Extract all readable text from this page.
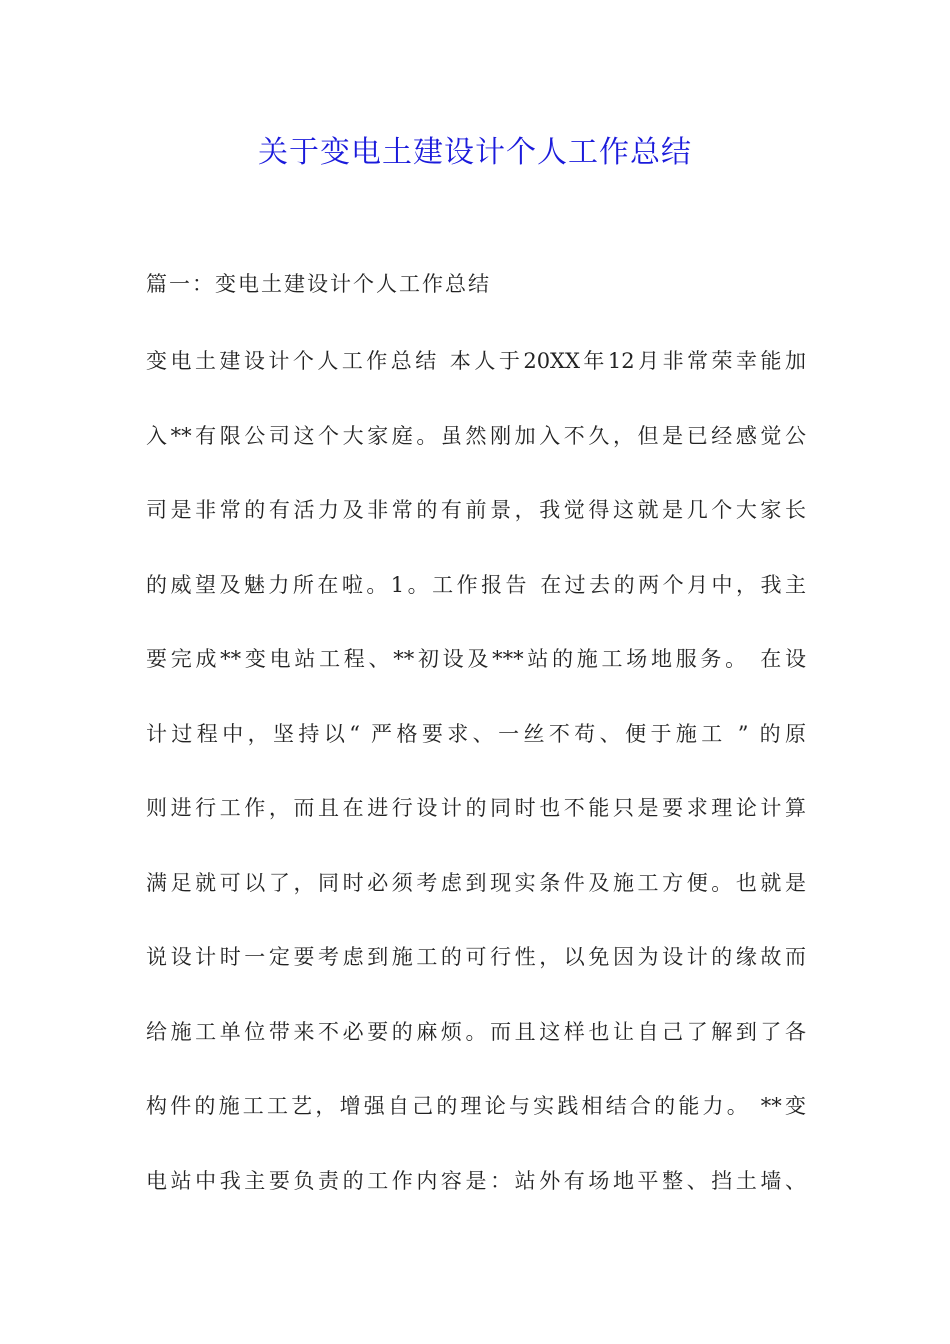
关于变电土建设计个人工作总结
篇一：变电土建设计个人工作总结
变电土建设计个人工作总结 本人于20XX年12月非常荣幸能加
入**有限公司这个大家庭。虽然刚加入不久，但是已经感觉公
司是非常的有活力及非常的有前景，我觉得这就是几个大家长
的威望及魅力所在啦。1。工作报告 在过去的两个月中，我主
要完成**变电站工程、**初设及***站的施工场地服务。 在设
计过程中，坚持以“ 严格要求、一丝不苟、便于施工 ” 的原
则进行工作，而且在进行设计的同时也不能只是要求理论计算
满足就可以了，同时必须考虑到现实条件及施工方便。也就是
说设计时一定要考虑到施工的可行性，以免因为设计的缘故而
给施工单位带来不必要的麻烦。而且这样也让自己了解到了各
构件的施工工艺，增强自己的理论与实践相结合的能力。 **变
电站中我主要负责的工作内容是：站外有场地平整、挡土墙、
